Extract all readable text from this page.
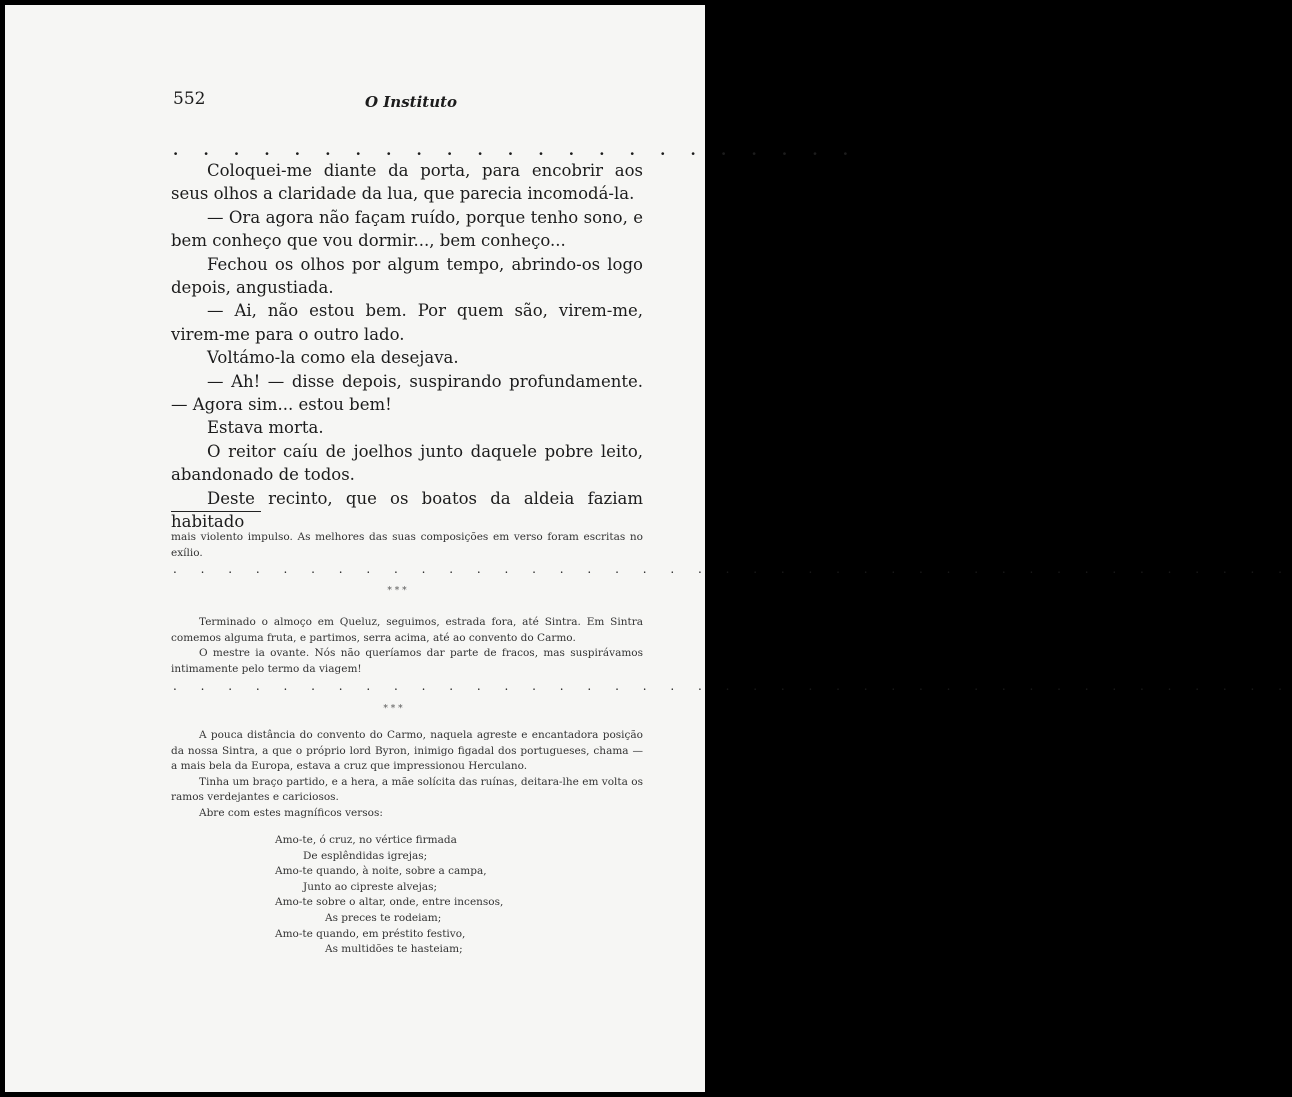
552	O Instituto
. . . . . . . . . . . . . . . . . . . . . . .

Coloquei-me diante da porta, para encobrir aos seus olhos a claridade da lua, que parecia incomodá-la.

— Ora agora não façam ruído, porque tenho sono, e bem conheço que vou dormir..., bem conheço...

Fechou os olhos por algum tempo, abrindo-os logo depois, angustiada.

— Ai, não estou bem. Por quem são, virem-me, virem-me para o outro lado.

Voltámo-la como ela desejava.

— Ah! — disse depois, suspirando profundamente. — Agora sim... estou bem!

Estava morta.

O reitor caíu de joelhos junto daquele pobre leito, abandonado de todos.

Deste recinto, que os boatos da aldeia faziam habitado

mais violento impulso. As melhores das suas composições em verso foram escritas no exílio.

. . . . . . . . . . . . . . . . . . . . . . . . . . . . . . . . . . . . . . . . .
* * *

Terminado o almoço em Queluz, seguimos, estrada fora, até Sintra. Em Sintra comemos alguma fruta, e partimos, serra acima, até ao convento do Carmo.

O mestre ia ovante. Nós não queríamos dar parte de fracos, mas suspirávamos intimamente pelo termo da viagem!

. . . . . . . . . . . . . . . . . . . . . . . . . . . . . . . . . . . . . . . . .
* * *

A pouca distância do convento do Carmo, naquela agreste e encantadora posição da nossa Sintra, a que o próprio lord Byron, inimigo figadal dos portugueses, chama — a mais bela da Europa, estava a cruz que impressionou Herculano.

Tinha um braço partido, e a hera, a mãe solícita das ruínas, deitara-lhe em volta os ramos verdejantes e cariciosos.

Abre com estes magníficos versos:

Amo-te, ó cruz, no vértice firmada
De esplêndidas igrejas;
Amo-te quando, à noite, sobre a campa,
Junto ao cipreste alvejas;
Amo-te sobre o altar, onde, entre incensos,
As preces te rodeiam;
Amo-te quando, em préstito festivo,
As multidões te hasteiam;
